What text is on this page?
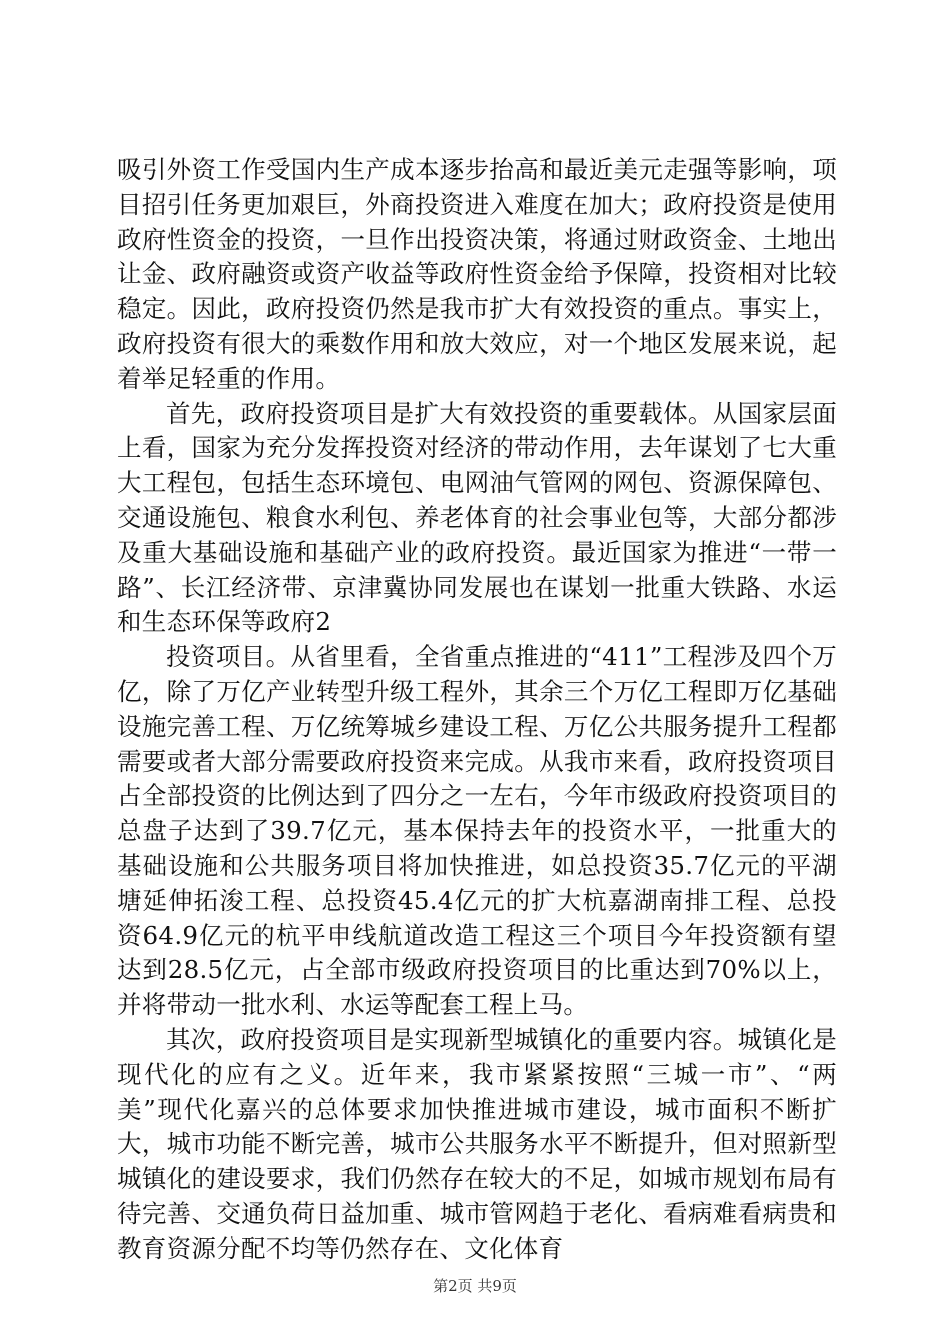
吸引外资工作受国内生产成本逐步抬高和最近美元走强等影响，项目招引任务更加艰巨，外商投资进入难度在加大；政府投资是使用政府性资金的投资，一旦作出投资决策，将通过财政资金、土地出让金、政府融资或资产收益等政府性资金给予保障，投资相对比较稳定。因此，政府投资仍然是我市扩大有效投资的重点。事实上，政府投资有很大的乘数作用和放大效应，对一个地区发展来说，起着举足轻重的作用。

首先，政府投资项目是扩大有效投资的重要载体。从国家层面上看，国家为充分发挥投资对经济的带动作用，去年谋划了七大重大工程包，包括生态环境包、电网油气管网的网包、资源保障包、交通设施包、粮食水利包、养老体育的社会事业包等，大部分都涉及重大基础设施和基础产业的政府投资。最近国家为推进“一带一路”、长江经济带、京津冀协同发展也在谋划一批重大铁路、水运和生态环保等政府2

投资项目。从省里看，全省重点推进的“411”工程涉及四个万亿，除了万亿产业转型升级工程外，其余三个万亿工程即万亿基础设施完善工程、万亿统筹城乡建设工程、万亿公共服务提升工程都需要或者大部分需要政府投资来完成。从我市来看，政府投资项目占全部投资的比例达到了四分之一左右，今年市级政府投资项目的总盘子达到了39.7亿元，基本保持去年的投资水平，一批重大的基础设施和公共服务项目将加快推进，如总投资35.7亿元的平湖塘延伸拓浚工程、总投资45.4亿元的扩大杭嘉湖南排工程、总投资64.9亿元的杭平申线航道改造工程这三个项目今年投资额有望达到28.5亿元，占全部市级政府投资项目的比重达到70%以上，并将带动一批水利、水运等配套工程上马。

其次，政府投资项目是实现新型城镇化的重要内容。城镇化是现代化的应有之义。近年来，我市紧紧按照“三城一市”、“两美”现代化嘉兴的总体要求加快推进城市建设，城市面积不断扩大，城市功能不断完善，城市公共服务水平不断提升，但对照新型城镇化的建设要求，我们仍然存在较大的不足，如城市规划布局有待完善、交通负荷日益加重、城市管网趋于老化、看病难看病贵和教育资源分配不均等仍然存在、文化体育

第2页 共9页
